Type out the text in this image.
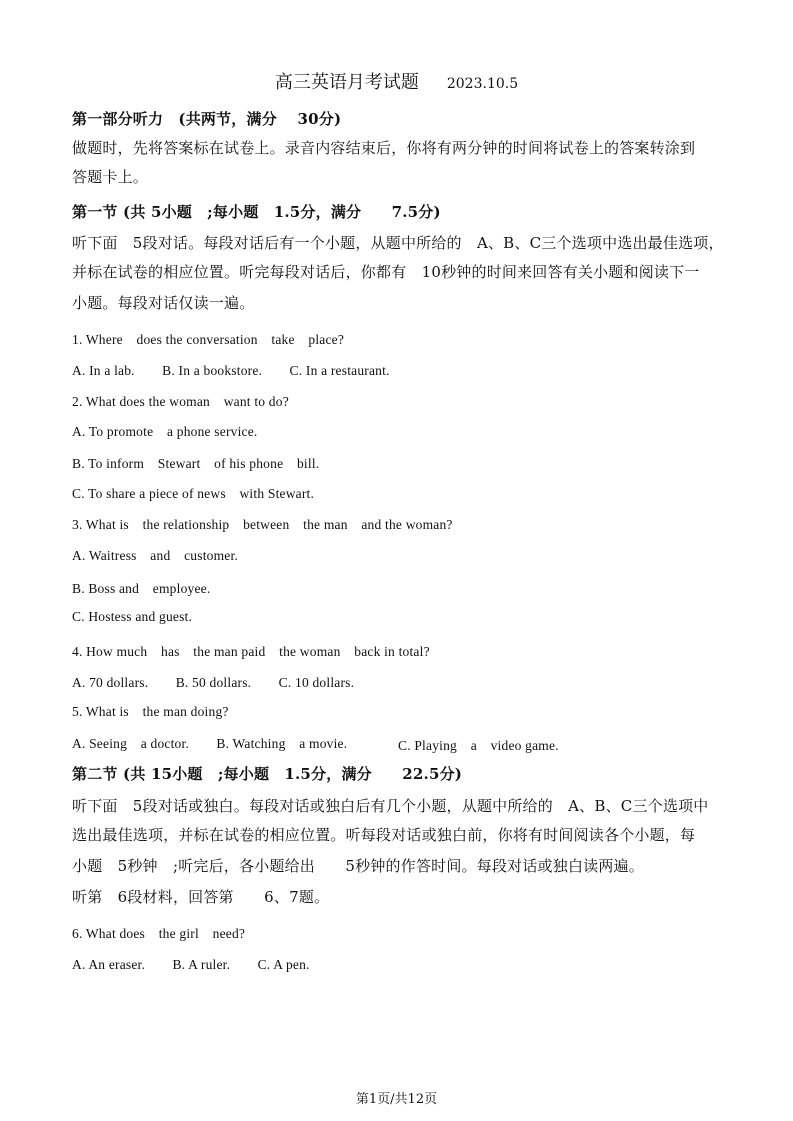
高三英语月考试题 2023.10.5
第一部分听力　(共两节，满分　 30分)
做题时，先将答案标在试卷上。录音内容结束后，你将有两分钟的时间将试卷上的答案转涂到
答题卡上。
第一节 (共 5小题　;每小题　1.5分，满分　　7.5分)
听下面　5段对话。每段对话后有一个小题，从题中所给的　A、B、C三个选项中选出最佳选项，
并标在试卷的相应位置。听完每段对话后，你都有　10秒钟的时间来回答有关小题和阅读下一
小题。每段对话仅读一遍。
1. Where　does the conversation　take　place?
A. In a lab.　　B. In a bookstore.　　C. In a restaurant.
2. What does the woman　want to do?
A. To promote　a phone service.
B. To inform　Stewart　of his phone　bill.
C. To share a piece of news　with Stewart.
3. What is　the relationship　between　the man　and the woman?
A. Waitress　and　customer.
B. Boss and　employee.
C. Hostess and guest.
4. How much　has　the man paid　the woman　back in total?
A. 70 dollars.　　B. 50 dollars.　　C. 10 dollars.
5. What is　the man doing?
A. Seeing　a doctor.　　B. Watching　a movie.	C. Playing　a　video game.
第二节 (共 15小题　;每小题　1.5分，满分　　22.5分)
听下面　5段对话或独白。每段对话或独白后有几个小题，从题中所给的　A、B、C三个选项中
选出最佳选项，并标在试卷的相应位置。听每段对话或独白前，你将有时间阅读各个小题，每
小题　5秒钟　;听完后，各小题给出　　5秒钟的作答时间。每段对话或独白读两遍。
听第　6段材料，回答第　　6、7题。
6. What does　the girl　need?
A. An eraser.　　B. A ruler.　　C. A pen.
第1页/共12页
